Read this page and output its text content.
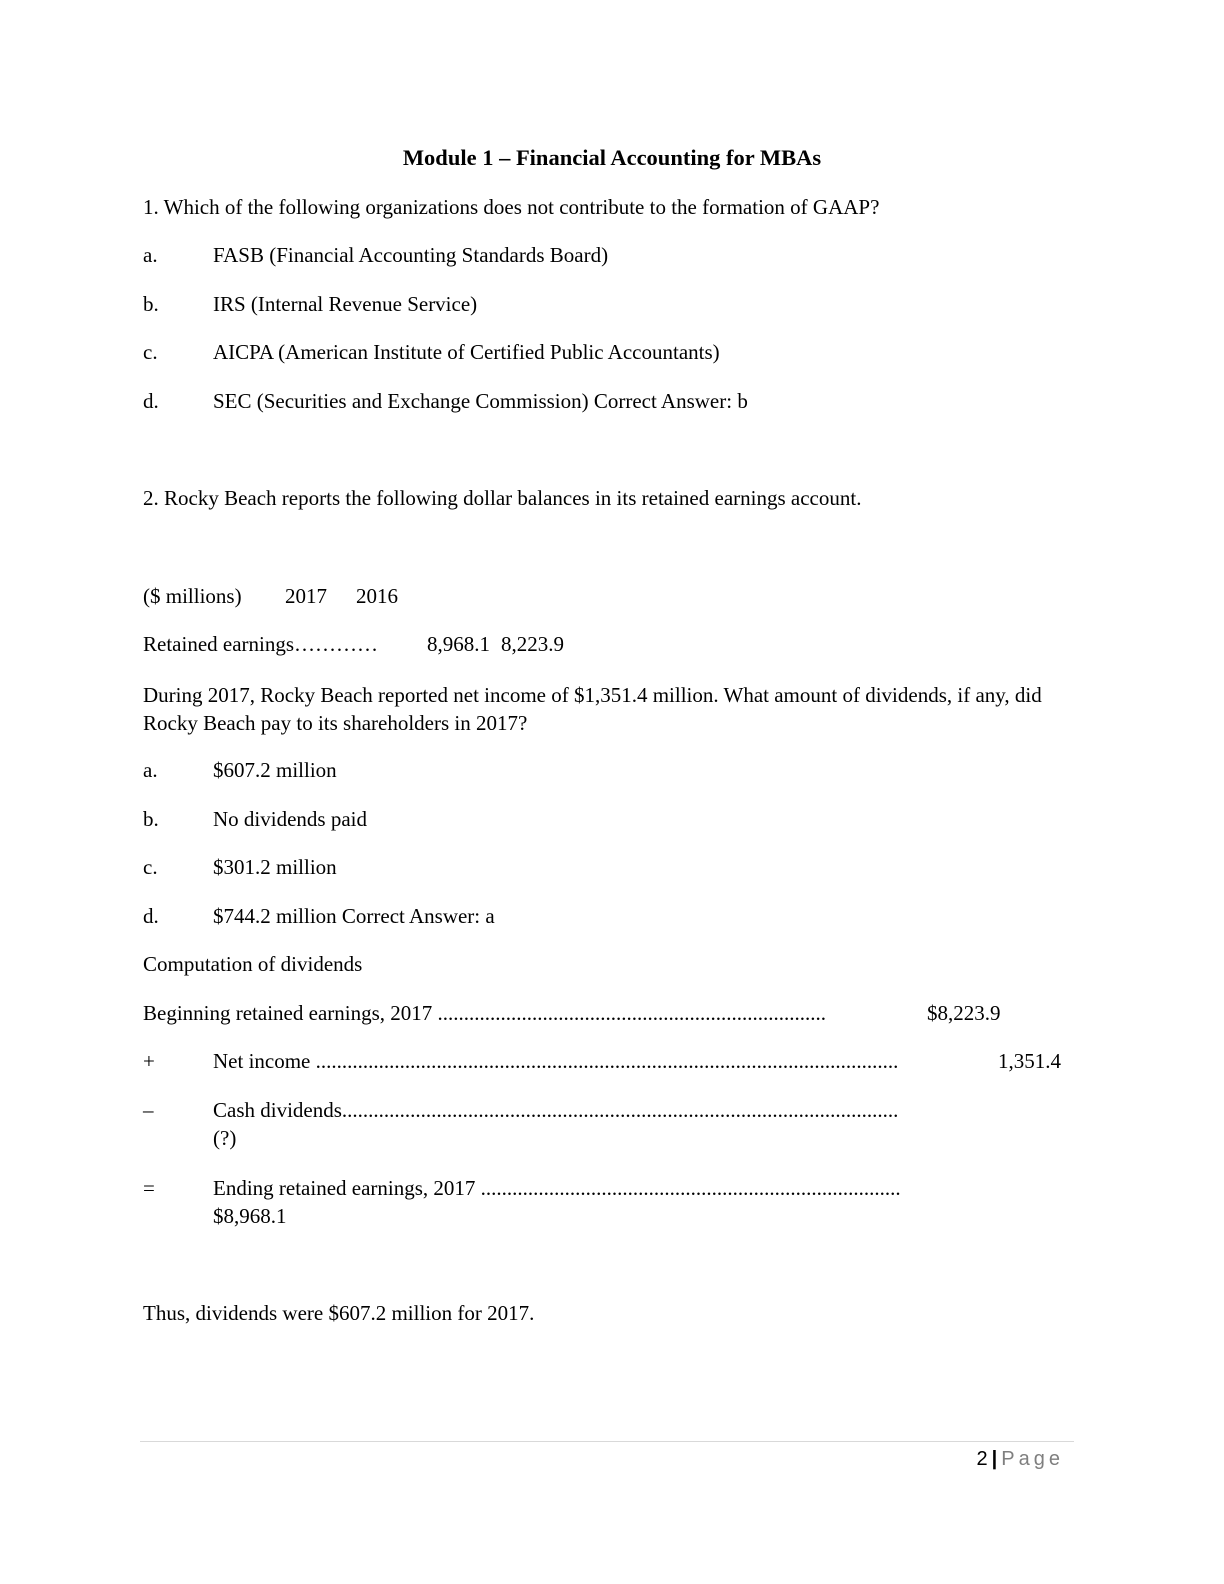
Module 1 – Financial Accounting for MBAs
1. Which of the following organizations does not contribute to the formation of GAAP?
a.	FASB (Financial Accounting Standards Board)
b.	IRS (Internal Revenue Service)
c.	AICPA (American Institute of Certified Public Accountants)
d.	SEC (Securities and Exchange Commission) Correct Answer: b
2. Rocky Beach reports the following dollar balances in its retained earnings account.
($ millions) 2017 2016
Retained earnings………… 8,968.1 8,223.9
During 2017, Rocky Beach reported net income of $1,351.4 million. What amount of dividends, if any, did Rocky Beach pay to its shareholders in 2017?
a.	$607.2 million
b.	No dividends paid
c.	$301.2 million
d.	$744.2 million Correct Answer: a
Computation of dividends
Beginning retained earnings, 2017 ..........................................................................	$8,223.9
+	Net income ...............................................................................................................	1,351.4
–	Cash dividends..........................................................................................................
(?)
=	Ending retained earnings, 2017 ................................................................................
$8,968.1
Thus, dividends were $607.2 million for 2017.
2 | Page
